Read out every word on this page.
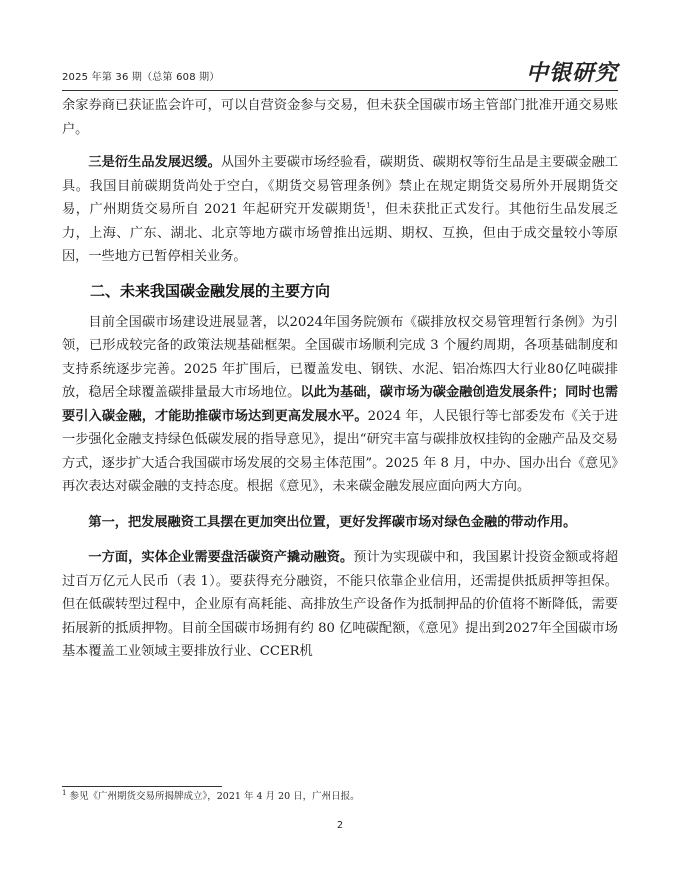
2025 年第 36 期（总第 608 期）	中银研究

余家券商已获证监会许可，可以自营资金参与交易，但未获全国碳市场主管部门批准开通交易账户。

三是衍生品发展迟缓。从国外主要碳市场经验看，碳期货、碳期权等衍生品是主要碳金融工具。我国目前碳期货尚处于空白，《期货交易管理条例》禁止在规定期货交易所外开展期货交易，广州期货交易所自 2021 年起研究开发碳期货$^1$，但未获批正式发行。其他衍生品发展乏力，上海、广东、湖北、北京等地方碳市场曾推出远期、期权、互换，但由于成交量较小等原因，一些地方已暂停相关业务。

二、未来我国碳金融发展的主要方向

目前全国碳市场建设进展显著，以2024年国务院颁布《碳排放权交易管理暂行条例》为引领，已形成较完备的政策法规基础框架。全国碳市场顺利完成 3 个履约周期，各项基础制度和支持系统逐步完善。2025 年扩围后，已覆盖发电、钢铁、水泥、铝冶炼四大行业80亿吨碳排放，稳居全球覆盖碳排量最大市场地位。以此为基础，碳市场为碳金融创造发展条件；同时也需要引入碳金融，才能助推碳市场达到更高发展水平。2024 年，人民银行等七部委发布《关于进一步强化金融支持绿色低碳发展的指导意见》，提出“研究丰富与碳排放权挂钩的金融产品及交易方式，逐步扩大适合我国碳市场发展的交易主体范围”。2025 年 8 月，中办、国办出台《意见》再次表达对碳金融的支持态度。根据《意见》，未来碳金融发展应面向两大方向。

第一，把发展融资工具摆在更加突出位置，更好发挥碳市场对绿色金融的带动作用。

一方面，实体企业需要盘活碳资产撬动融资。预计为实现碳中和，我国累计投资金额或将超过百万亿元人民币（表 1）。要获得充分融资，不能只依靠企业信用，还需提供抵质押等担保。但在低碳转型过程中，企业原有高耗能、高排放生产设备作为抵制押品的价值将不断降低，需要拓展新的抵质押物。目前全国碳市场拥有约 80 亿吨碳配额，《意见》提出到2027年全国碳市场基本覆盖工业领域主要排放行业、CCER机

$^1$ 参见《广州期货交易所揭牌成立》，2021 年 4 月 20 日，广州日报。
2
